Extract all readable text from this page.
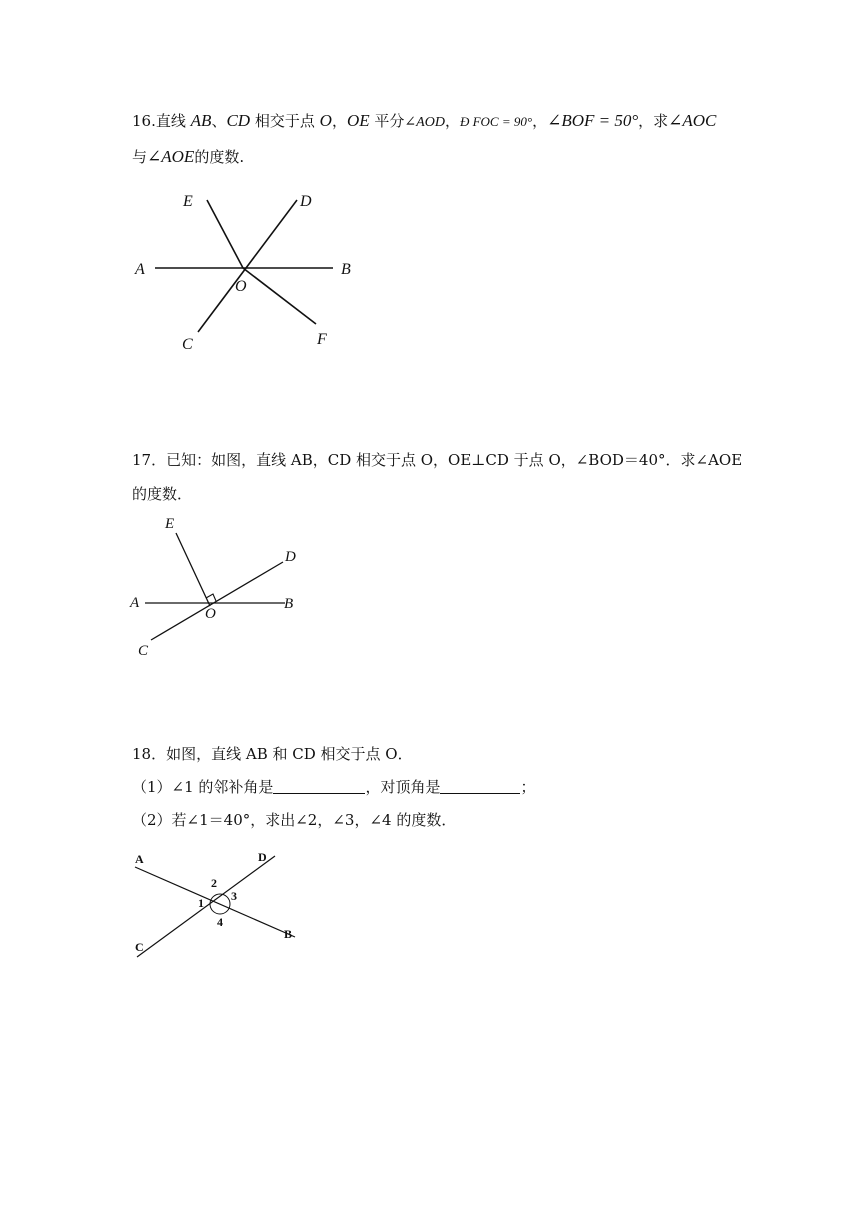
16.直线 AB、CD 相交于点 O，OE 平分∠AOD，Ð FOC = 90°，∠BOF = 50°，求∠AOC
与∠AOE的度数.
E	D
A	B
O
C	F
17．已知：如图，直线 AB，CD 相交于点 O，OE⊥CD 于点 O，∠BOD＝40°．求∠AOE
的度数．
E
D
A	B
O
C
18．如图，直线 AB 和 CD 相交于点 O．
（1）∠1 的邻补角是	，对顶角是	；
（2）若∠1＝40°，求出∠2，∠3，∠4 的度数．
A	D
C
B
1
2
3
4
